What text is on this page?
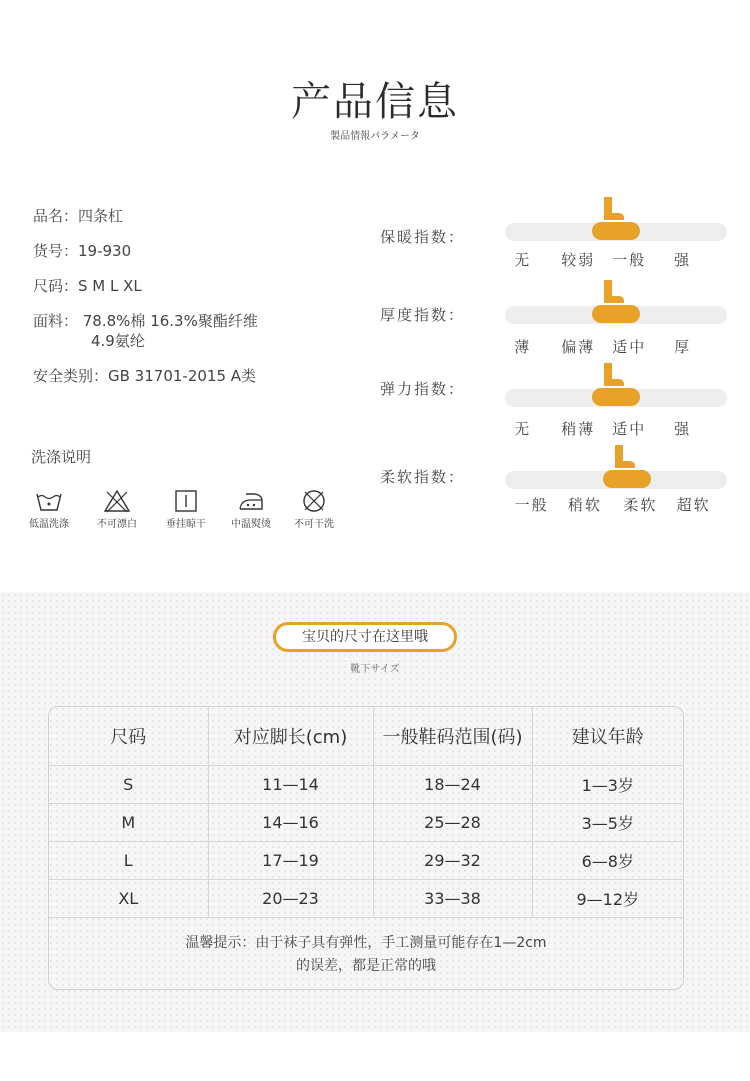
产品信息
製品情報パラメータ
品名：四条杠
货号：19-930
尺码：S M L XL
面料： 78.8%棉 16.3%聚酯纤维
4.9氨纶
安全类别：GB 31701-2015 A类
洗涤说明
低温洗涤	不可漂白	垂挂晾干	中温熨烫	不可干洗
保暖指数：
无 较弱 一般 强
厚度指数：
薄 偏薄 适中 厚
弹力指数：
无 稍薄 适中 强
柔软指数：
一般 稍软 柔软 超软
宝贝的尺寸在这里哦
靴下サイズ
尺码	对应脚长(cm)	一般鞋码范围(码)	建议年龄
S	11—14	18—24	1—3岁
M	14—16	25—28	3—5岁
L	17—19	29—32	6—8岁
XL	20—23	33—38	9—12岁
温馨提示：由于袜子具有弹性，手工测量可能存在1—2cm
的误差，都是正常的哦
